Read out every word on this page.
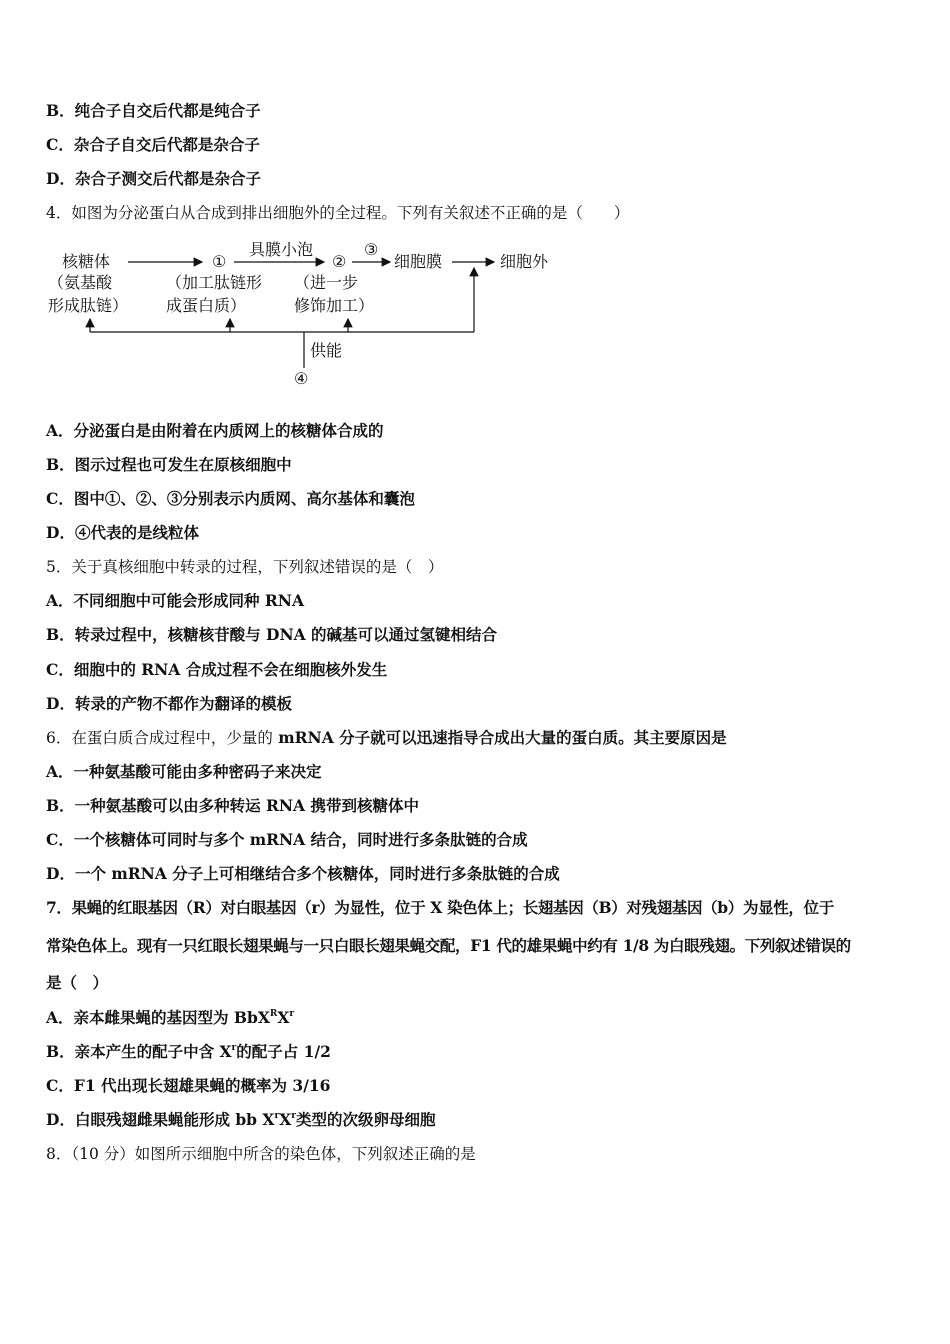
B．纯合子自交后代都是纯合子
C．杂合子自交后代都是杂合子
D．杂合子测交后代都是杂合子
4．如图为分泌蛋白从合成到排出细胞外的全过程。下列有关叙述不正确的是（　　）
核糖体
（氨基酸
形成肽链）
①
（加工肽链形
成蛋白质）
具膜小泡
②
（进一步
修饰加工）
③
细胞膜	细胞外
供能
④
A．分泌蛋白是由附着在内质网上的核糖体合成的
B．图示过程也可发生在原核细胞中
C．图中①、②、③分别表示内质网、高尔基体和囊泡
D．④代表的是线粒体
5．关于真核细胞中转录的过程，下列叙述错误的是（　）
A．不同细胞中可能会形成同种 RNA
B．转录过程中，核糖核苷酸与 DNA 的碱基可以通过氢键相结合
C．细胞中的 RNA 合成过程不会在细胞核外发生
D．转录的产物不都作为翻译的模板
6．在蛋白质合成过程中，少量的 mRNA 分子就可以迅速指导合成出大量的蛋白质。其主要原因是
A．一种氨基酸可能由多种密码子来决定
B．一种氨基酸可以由多种转运 RNA 携带到核糖体中
C．一个核糖体可同时与多个 mRNA 结合，同时进行多条肽链的合成
D．一个 mRNA 分子上可相继结合多个核糖体，同时进行多条肽链的合成
7．果蝇的红眼基因（R）对白眼基因（r）为显性，位于 X 染色体上；长翅基因（B）对残翅基因（b）为显性，位于
常染色体上。现有一只红眼长翅果蝇与一只白眼长翅果蝇交配，F1 代的雄果蝇中约有 1/8 为白眼残翅。下列叙述错误的
是（　）
A．亲本雌果蝇的基因型为 $BbX^RX^r$
B．亲本产生的配子中含 $X^r$的配子占 1/2
C．F1 代出现长翅雄果蝇的概率为 3/16
D．白眼残翅雌果蝇能形成 bb $X^rX^r$类型的次级卵母细胞
8．（10 分）如图所示细胞中所含的染色体，下列叙述正确的是
